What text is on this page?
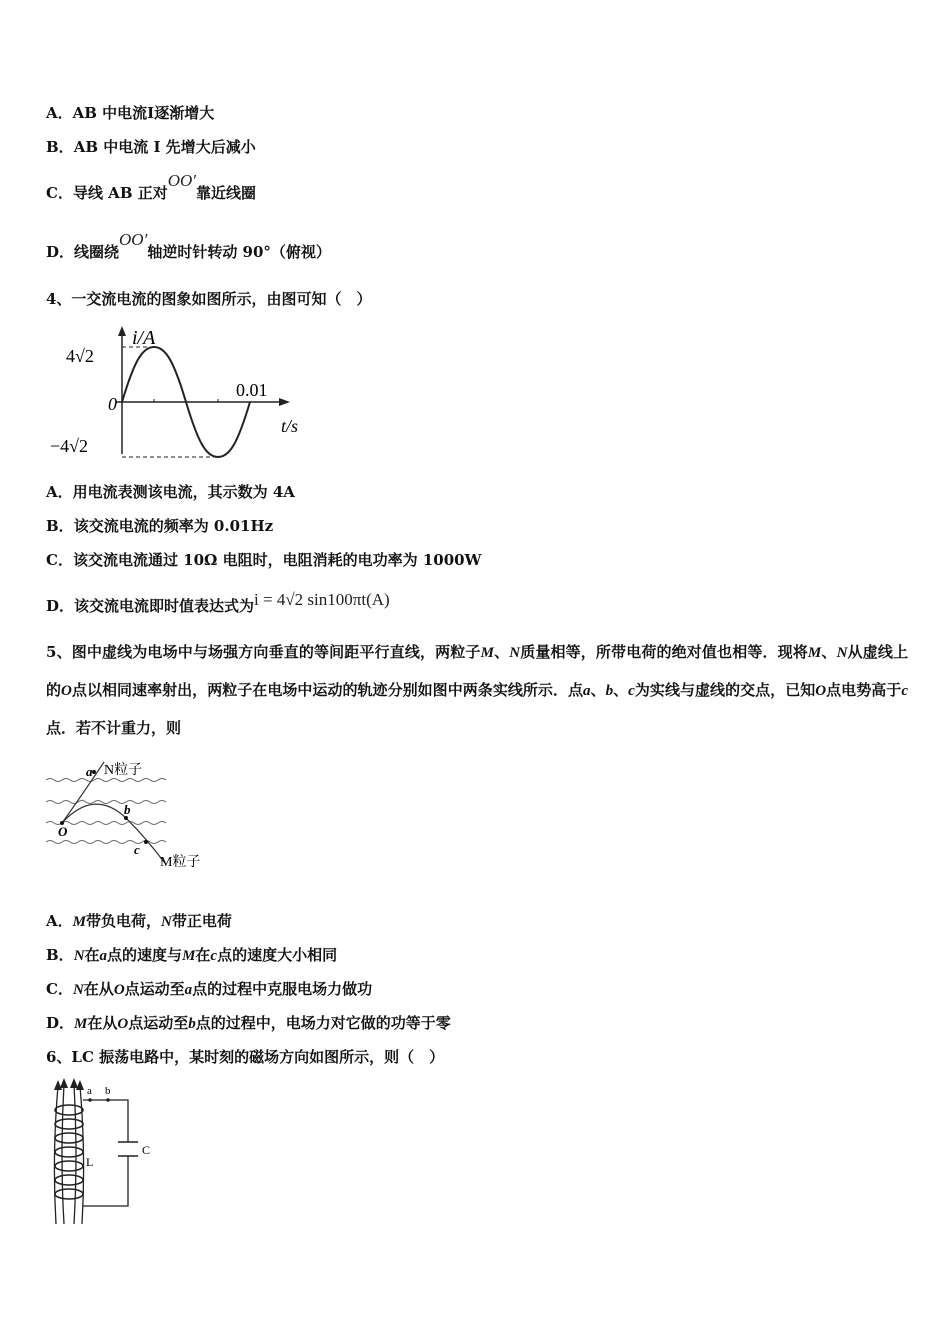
A．AB 中电流Ⅰ逐渐增大
B．AB 中电流 I 先增大后减小
C．导线 AB 正对OO′靠近线圈
D．线圈绕OO′轴逆时针转动 90°（俯视）
4、一交流电流的图象如图所示，由图可知（　）
i/A
4√2
−4√2
0
0.01
t/s
A．用电流表测该电流，其示数为 4A
B．该交流电流的频率为 0.01Hz
C．该交流电流通过 10Ω 电阻时，电阻消耗的电功率为 1000W
D．该交流电流即时值表达式为i = 4√2 sin100πt(A)
5、图中虚线为电场中与场强方向垂直的等间距平行直线，两粒子M、N质量相等，所带电荷的绝对值也相等．现将M、N从虚线上的O点以相同速率射出，两粒子在电场中运动的轨迹分别如图中两条实线所示．点a、b、c为实线与虚线的交点，已知O点电势高于c点．若不计重力，则
O
a
b
c
N粒子
M粒子
A．M带负电荷，N带正电荷
B．N在a点的速度与M在c点的速度大小相同
C．N在从O点运动至a点的过程中克服电场力做功
D．M在从O点运动至b点的过程中，电场力对它做的功等于零
6、LC 振荡电路中，某时刻的磁场方向如图所示，则（　）
a b
C
L
